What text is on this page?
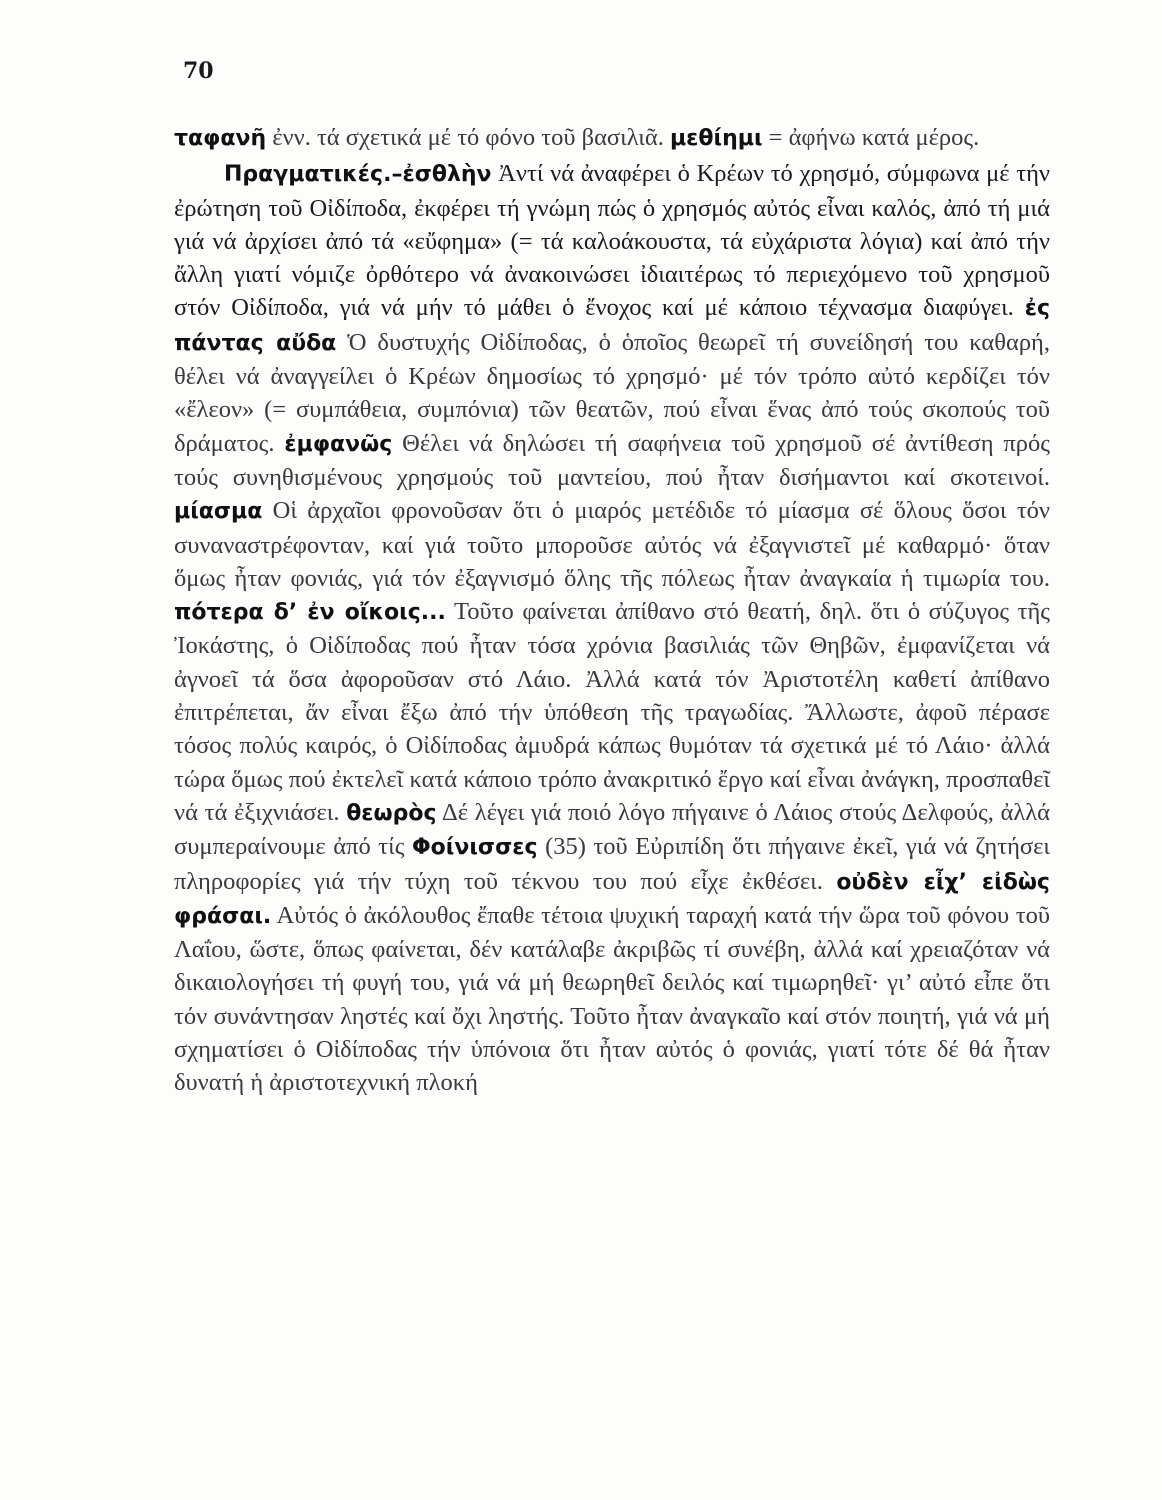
70

ταφανῆ ἐνν. τά σχετικά μέ τό φόνο τοῦ βασιλιᾶ. μεθίημι = ἀφήνω κατά μέρος.

Πραγματικές.–ἐσθλὴν Ἀντί νά ἀναφέρει ὁ Κρέων τό χρησμό, σύμφωνα μέ τήν ἐρώτηση τοῦ Οἰδίποδα, ἐκφέρει τή γνώμη πώς ὁ χρησμός αὐτός εἶναι καλός, ἀπό τή μιά γιά νά ἀρχίσει ἀπό τά «εὔφημα» (= τά καλοάκουστα, τά εὐχάριστα λόγια) καί ἀπό τήν ἄλλη γιατί νόμιζε ὀρθότερο νά ἀνακοινώσει ἰδιαιτέρως τό περιεχόμενο τοῦ χρησμοῦ στόν Οἰδίποδα, γιά νά μήν τό μάθει ὁ ἔνοχος καί μέ κάποιο τέχνασμα διαφύγει. ἐς πάντας αὔδα Ὁ δυστυχής Οἰδίποδας, ὁ ὁποῖος θεωρεῖ τή συνείδησή του καθαρή, θέλει νά ἀναγγείλει ὁ Κρέων δημοσίως τό χρησμό· μέ τόν τρόπο αὐτό κερδίζει τόν «ἔλεον» (= συμπάθεια, συμπόνια) τῶν θεατῶν, πού εἶναι ἕνας ἀπό τούς σκοπούς τοῦ δράματος. ἐμφανῶς Θέλει νά δηλώσει τή σαφήνεια τοῦ χρησμοῦ σέ ἀντίθεση πρός τούς συνηθισμένους χρησμούς τοῦ μαντείου, πού ἦταν δισήμαντοι καί σκοτεινοί. μίασμα Οἱ ἀρχαῖοι φρονοῦσαν ὅτι ὁ μιαρός μετέδιδε τό μίασμα σέ ὅλους ὅσοι τόν συναναστρέφονταν, καί γιά τοῦτο μποροῦσε αὐτός νά ἐξαγνιστεῖ μέ καθαρμό· ὅταν ὅμως ἦταν φονιάς, γιά τόν ἐξαγνισμό ὅλης τῆς πόλεως ἦταν ἀναγκαία ἡ τιμωρία του. πότερα δ’ ἐν οἴκοις... Τοῦτο φαίνεται ἀπίθανο στό θεατή, δηλ. ὅτι ὁ σύζυγος τῆς Ἰοκάστης, ὁ Οἰδίποδας πού ἦταν τόσα χρόνια βασιλιάς τῶν Θηβῶν, ἐμφανίζεται νά ἀγνοεῖ τά ὅσα ἀφοροῦσαν στό Λάιο. Ἀλλά κατά τόν Ἀριστοτέλη καθετί ἀπίθανο ἐπιτρέπεται, ἄν εἶναι ἔξω ἀπό τήν ὑπόθεση τῆς τραγωδίας. Ἄλλωστε, ἀφοῦ πέρασε τόσος πολύς καιρός, ὁ Οἰδίποδας ἀμυδρά κάπως θυμόταν τά σχετικά μέ τό Λάιο· ἀλλά τώρα ὅμως πού ἐκτελεῖ κατά κάποιο τρόπο ἀνακριτικό ἔργο καί εἶναι ἀνάγκη, προσπαθεῖ νά τά ἐξιχνιάσει. θεωρὸς Δέ λέγει γιά ποιό λόγο πήγαινε ὁ Λάιος στούς Δελφούς, ἀλλά συμπεραίνουμε ἀπό τίς Φοίνισσες (35) τοῦ Εὐριπίδη ὅτι πήγαινε ἐκεῖ, γιά νά ζητήσει πληροφορίες γιά τήν τύχη τοῦ τέκνου του πού εἶχε ἐκθέσει. οὐδὲν εἶχ’ εἰδὼς φράσαι. Αὐτός ὁ ἀκόλουθος ἔπαθε τέτοια ψυχική ταραχή κατά τήν ὥρα τοῦ φόνου τοῦ Λαΐου, ὥστε, ὅπως φαίνεται, δέν κατάλαβε ἀκριβῶς τί συνέβη, ἀλλά καί χρειαζόταν νά δικαιολογήσει τή φυγή του, γιά νά μή θεωρηθεῖ δειλός καί τιμωρηθεῖ· γι’ αὐτό εἶπε ὅτι τόν συνάντησαν ληστές καί ὄχι ληστής. Τοῦτο ἦταν ἀναγκαῖο καί στόν ποιητή, γιά νά μή σχηματίσει ὁ Οἰδίποδας τήν ὑπόνοια ὅτι ἦταν αὐτός ὁ φονιάς, γιατί τότε δέ θά ἦταν δυνατή ἡ ἀριστοτεχνική πλοκή
